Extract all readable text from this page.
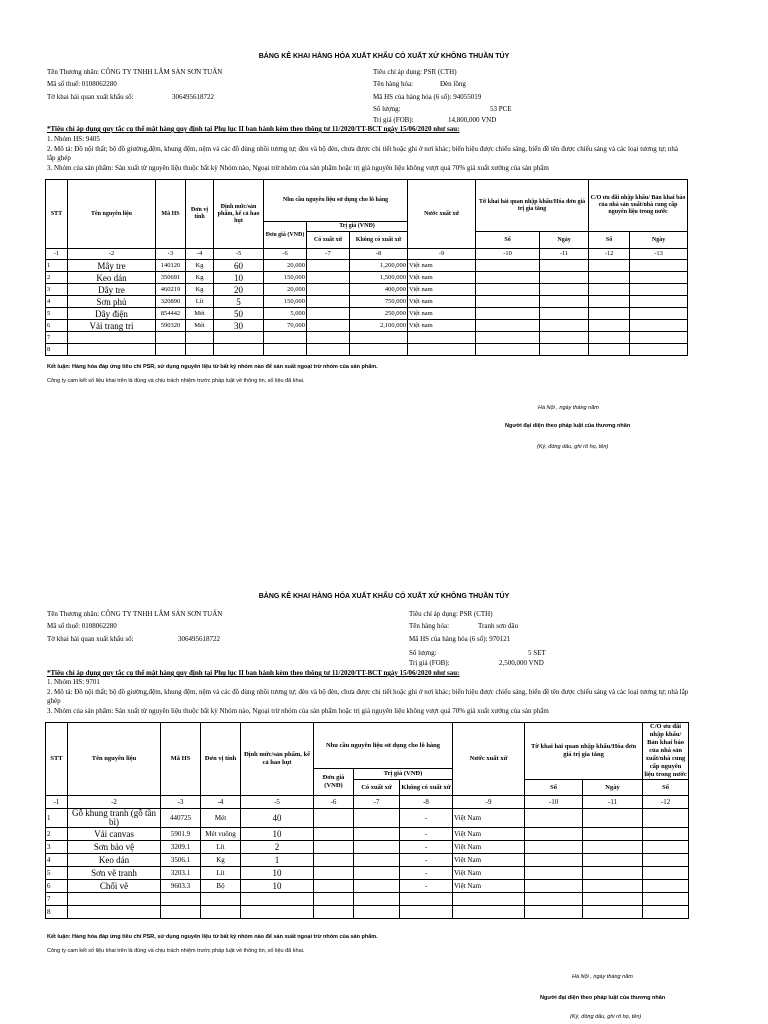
BẢNG KÊ KHAI HÀNG HÓA XUẤT KHẨU CÓ XUẤT XỨ KHÔNG THUẦN TÚY
Tên Thương nhân: CÔNG TY TNHH LÂM SẢN SƠN TUẤN
Mã số thuế: 0108062280
Tờ khai hải quan xuất khẩu số:	306495618722
Tiêu chí áp dụng: PSR (CTH)
Tên hàng hóa:	Đèn lồng
Mã HS của hàng hóa (6 số): 94055019
Số lượng:	53 PCE
Trị giá (FOB):	14,800,000 VND
*Tiêu chí áp dụng quy tắc cụ thể mặt hàng quy định tại Phụ lục II ban hành kèm theo thông tư 11/2020/TT-BCT ngày 15/06/2020 như sau:
1. Nhóm HS: 9405
2. Mô tả: Đồ nội thất; bộ đồ giường,đệm, khung đệm, nệm và các đồ dùng nhồi tương tự; đèn và bộ đèn, chưa được chi tiết hoặc ghi ở nơi khác; biển hiệu được chiếu sáng, biển đề tên được chiếu sáng và các loại tương tự; nhà lắp ghép
3. Nhóm của sản phẩm: Sản xuất từ nguyên liệu thuộc bất kỳ Nhóm nào, Ngoại trừ nhóm của sản phẩm hoặc trị giá nguyên liệu không vượt quá 70% giá xuất xưởng của sản phẩm
STT	Tên nguyên liệu	Mã HS	Đơn vị tính	Định mức/sản phẩm, kể cả hao hụt	Nhu cầu nguyên liệu sử dụng cho lô hàng			Nước xuất xứ	Tờ khai hải quan nhập khẩu/Hóa đơn giá trị gia tăng		C/O ưu đãi nhập khẩu/ Bản khai báo của nhà sản xuất/nhà cung cấp nguyên liệu trong nước	
					Đơn giá (VNĐ)	Trị giá (VNĐ)						
						Có xuất xứ	Không có xuất xứ		Số	Ngày	Số	Ngày
-1	-2	-3	-4	-5	-6	-7	-8	-9	-10	-11	-12	-13
1	Mây tre	140120	Kg	60	20,000		1,200,000	Việt nam				
2	Keo dán	350691	Kg	10	150,000		1,500,000	Việt nam				
3	Dây tre	460219	Kg	20	20,000		400,000	Việt nam				
4	Sơn phủ	320890	Lít	5	150,000		750,000	Việt nam				
5	Dây điện	854442	Mét	50	5,000		250,000	Việt nam				
6	Vải trang trí	590320	Mét	30	70,000		2,100,000	Việt nam				
7												
8												
Kết luận: Hàng hóa đáp ứng tiêu chí PSR, sử dụng nguyên liệu từ bất kỳ nhóm nào để sản xuất ngoại trừ nhóm của sản phẩm.
Công ty cam kết số liệu khai trên là đúng và chịu trách nhiệm trước pháp luật về thông tin, số liệu đã khai.
Hà Nội , ngày tháng năm
Người đại diện theo pháp luật của thương nhân
(Ký, đóng dấu, ghi rõ họ, tên)
BẢNG KÊ KHAI HÀNG HÓA XUẤT KHẨU CÓ XUẤT XỨ KHÔNG THUẦN TÚY
Tên Thương nhân: CÔNG TY TNHH LÂM SẢN SƠN TUẤN
Mã số thuế: 0108062280
Tờ khai hải quan xuất khẩu số:	306495618722
Tiêu chí áp dụng: PSR (CTH)
Tên hàng hóa:	Tranh sơn dầu
Mã HS của hàng hóa (6 số): 970121
Số lượng:	5 SET
Trị giá (FOB):	2,500,000 VND
*Tiêu chí áp dụng quy tắc cụ thể mặt hàng quy định tại Phụ lục II ban hành kèm theo thông tư 11/2020/TT-BCT ngày 15/06/2020 như sau:
1. Nhóm HS: 9701
2. Mô tả: Đồ nội thất; bộ đồ giường,đệm, khung đệm, nệm và các đồ dùng nhồi tương tự; đèn và bộ đèn, chưa được chi tiết hoặc ghi ở nơi khác; biển hiệu được chiếu sáng, biển đề tên được chiếu sáng và các loại tương tự; nhà lắp ghép
3. Nhóm của sản phẩm: Sản xuất từ nguyên liệu thuộc bất kỳ Nhóm nào, Ngoại trừ nhóm của sản phẩm hoặc trị giá nguyên liệu không vượt quá 70% giá xuất xưởng của sản phẩm
STT	Tên nguyên liệu	Mã HS	Đơn vị tính	Định mức/sản phẩm, kể cả hao hụt	Nhu cầu nguyên liệu sử dụng cho lô hàng			Nước xuất xứ	Tờ khai hải quan nhập khẩu/Hóa đơn giá trị gia tăng		C/O ưu đãi nhập khẩu/ Bản khai báo của nhà sản xuất/nhà cung cấp nguyên liệu trong nước
					Đơn giá (VNĐ)	Trị giá (VNĐ)					
						Có xuất xứ	Không có xuất xứ		Số	Ngày	Số
-1	-2	-3	-4	-5	-6	-7	-8	-9	-10	-11	-12
1	Gỗ khung tranh (gỗ tần bì)	440725	Mét	40			-	Việt Nam			
2	Vải canvas	5901.9	Mét vuông	10			-	Việt Nam			
3	Sơn bảo vệ	3209.1	Lít	2			-	Việt Nam			
4	Keo dán	3506.1	Kg	1			-	Việt Nam			
5	Sơn vẽ tranh	3203.1	Lít	10			-	Việt Nam			
6	Chổi vẽ	9603.3	Bộ	10			-	Việt Nam			
7											
8											
Kết luận: Hàng hóa đáp ứng tiêu chí PSR, sử dụng nguyên liệu từ bất kỳ nhóm nào để sản xuất ngoại trừ nhóm của sản phẩm.
Công ty cam kết số liệu khai trên là đúng và chịu trách nhiệm trước pháp luật về thông tin, số liệu đã khai.
Hà Nội , ngày tháng năm
Người đại diện theo pháp luật của thương nhân
(Ký, đóng dấu, ghi rõ họ, tên)
